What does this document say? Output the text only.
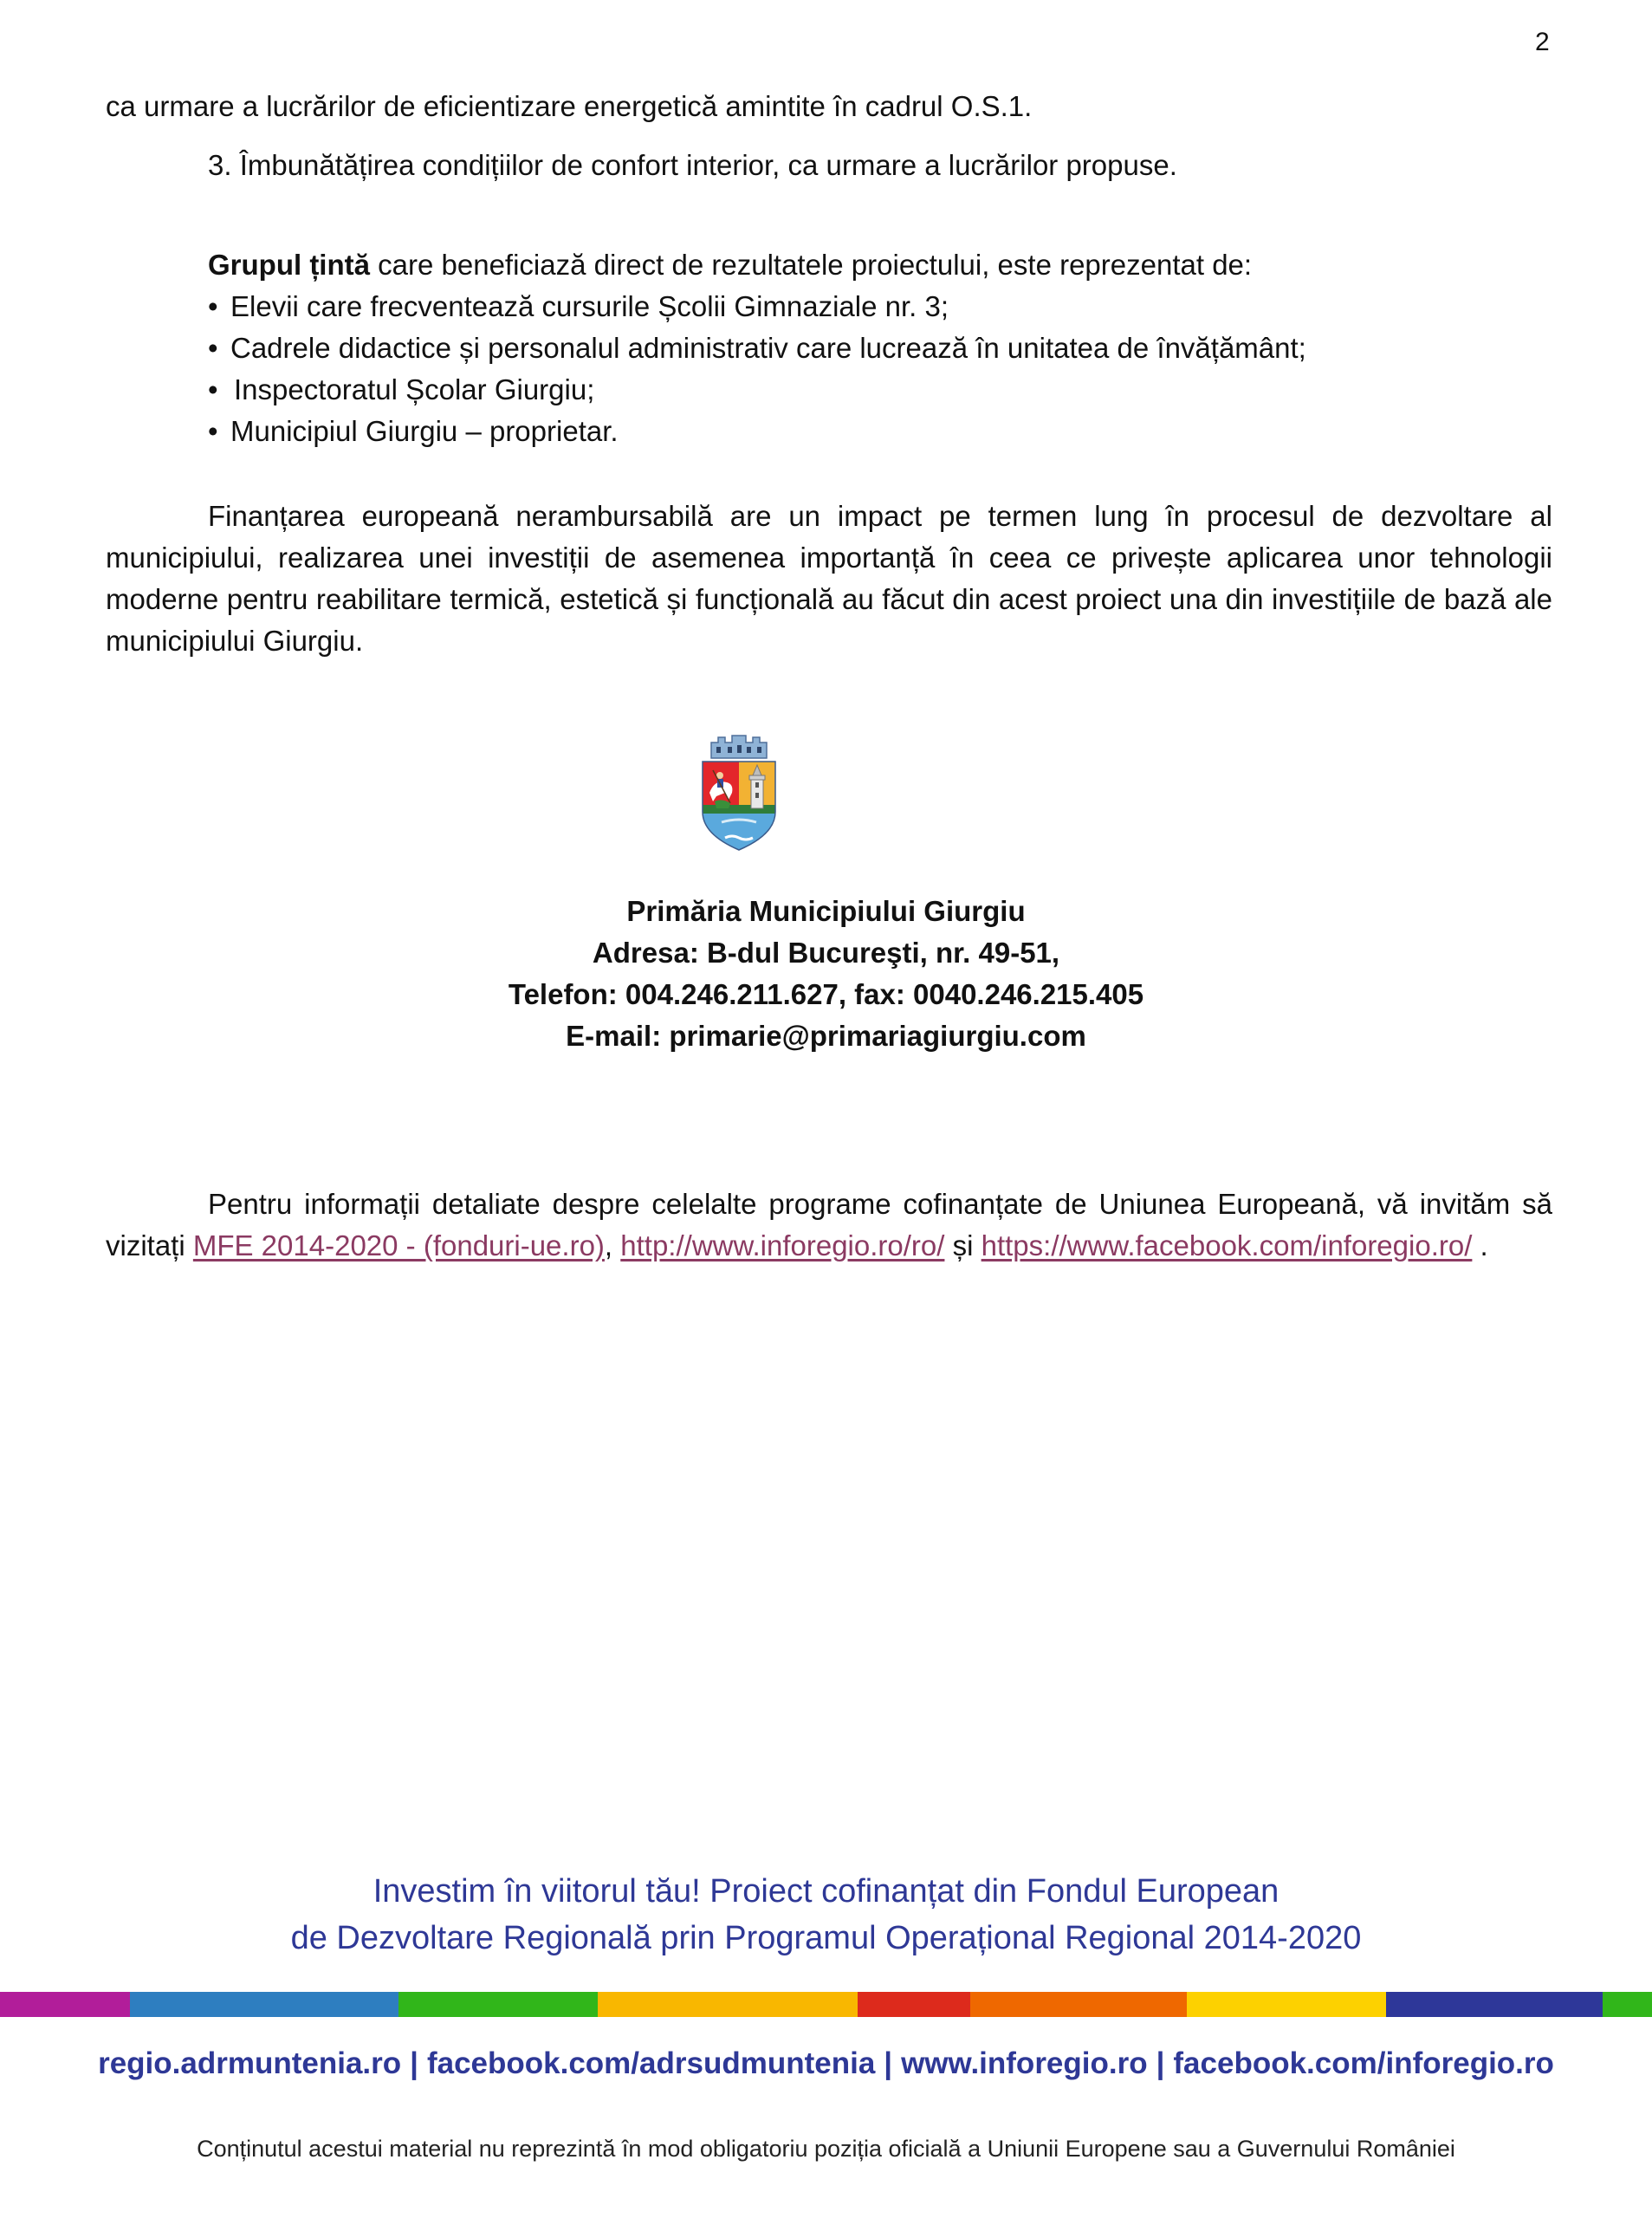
2
ca urmare a lucrărilor de eficientizare energetică amintite în cadrul O.S.1.
3. Îmbunătățirea condițiilor de confort interior, ca urmare a lucrărilor propuse.
Grupul țintă care beneficiază direct de rezultatele proiectului, este reprezentat de:
• Elevii care frecventează cursurile Școlii Gimnaziale nr. 3;
• Cadrele didactice și personalul administrativ care lucrează în unitatea de învățământ;
• Inspectoratul Școlar Giurgiu;
• Municipiul Giurgiu – proprietar.

Finanțarea europeană nerambursabilă are un impact pe termen lung în procesul de dezvoltare al municipiului, realizarea unei investiții de asemenea importanță în ceea ce privește aplicarea unor tehnologii moderne pentru reabilitare termică, estetică și funcțională au făcut din acest proiect una din investițiile de bază ale municipiului Giurgiu.

Primăria Municipiului Giurgiu
Adresa: B-dul Bucureşti, nr. 49-51,
Telefon: 004.246.211.627, fax: 0040.246.215.405
E-mail: primarie@primariagiurgiu.com

Pentru informații detaliate despre celelalte programe cofinanțate de Uniunea Europeană, vă invităm să vizitați MFE 2014-2020 - (fonduri-ue.ro), http://www.inforegio.ro/ro/ și https://www.facebook.com/inforegio.ro/ .

Investim în viitorul tău! Proiect cofinanțat din Fondul European
de Dezvoltare Regională prin Programul Operațional Regional 2014-2020
regio.adrmuntenia.ro | facebook.com/adrsudmuntenia | www.inforegio.ro | facebook.com/inforegio.ro
Conținutul acestui material nu reprezintă în mod obligatoriu poziția oficială a Uniunii Europene sau a Guvernului României
